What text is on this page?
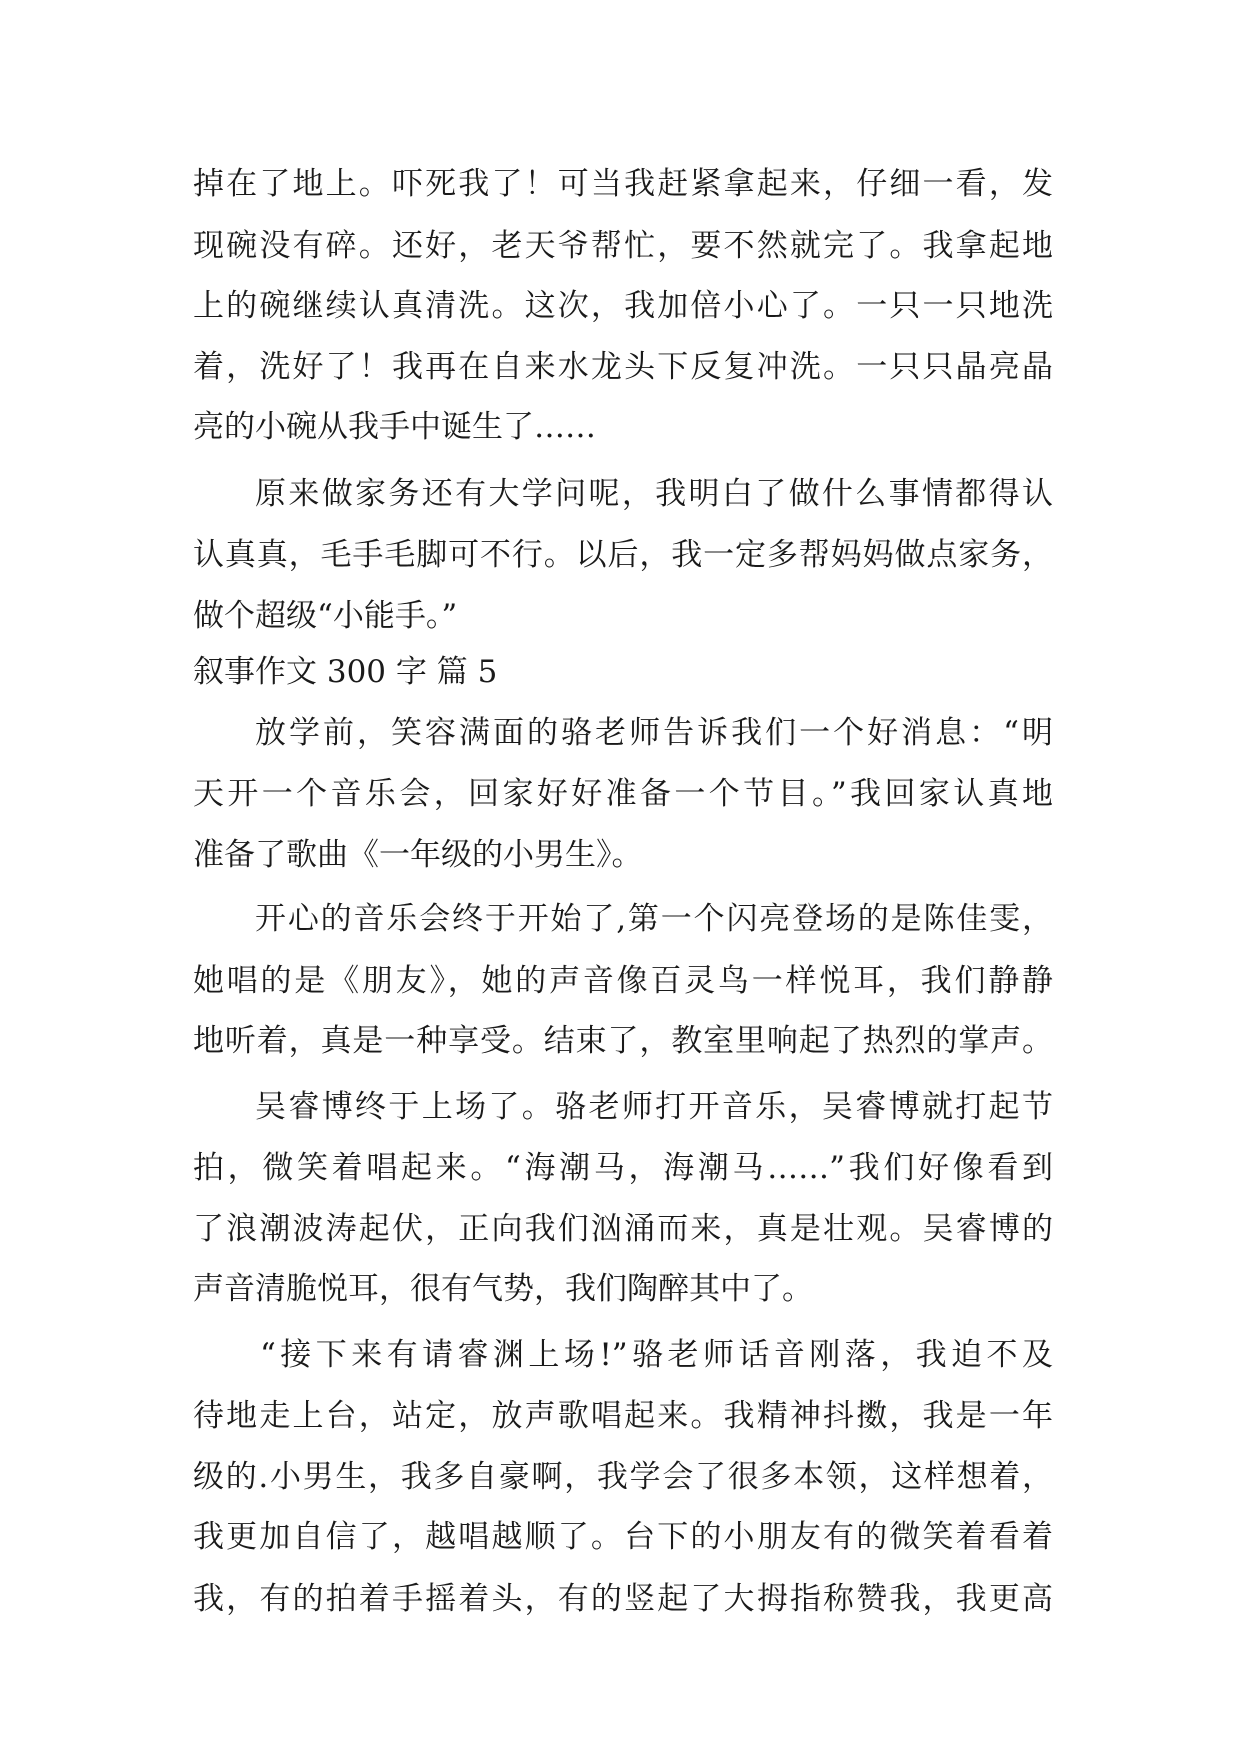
掉在了地上。吓死我了！可当我赶紧拿起来，仔细一看，发
现碗没有碎。还好，老天爷帮忙，要不然就完了。我拿起地
上的碗继续认真清洗。这次，我加倍小心了。一只一只地洗
着，洗好了！我再在自来水龙头下反复冲洗。一只只晶亮晶
亮的小碗从我手中诞生了……
原来做家务还有大学问呢，我明白了做什么事情都得认
认真真，毛手毛脚可不行。以后，我一定多帮妈妈做点家务，
做个超级“小能手。”
叙事作文 300 字 篇 5
放学前，笑容满面的骆老师告诉我们一个好消息：“明
天开一个音乐会，回家好好准备一个节目。”我回家认真地
准备了歌曲《一年级的小男生》。
开心的音乐会终于开始了,第一个闪亮登场的是陈佳雯，
她唱的是《朋友》，她的声音像百灵鸟一样悦耳，我们静静
地听着，真是一种享受。结束了，教室里响起了热烈的掌声。
吴睿博终于上场了。骆老师打开音乐，吴睿博就打起节
拍，微笑着唱起来。“海潮马，海潮马……”我们好像看到
了浪潮波涛起伏，正向我们汹涌而来，真是壮观。吴睿博的
声音清脆悦耳，很有气势，我们陶醉其中了。
“接下来有请睿渊上场!”骆老师话音刚落，我迫不及
待地走上台，站定，放声歌唱起来。我精神抖擞，我是一年
级的.小男生，我多自豪啊，我学会了很多本领，这样想着，
我更加自信了，越唱越顺了。台下的小朋友有的微笑着看着
我，有的拍着手摇着头，有的竖起了大拇指称赞我，我更高
